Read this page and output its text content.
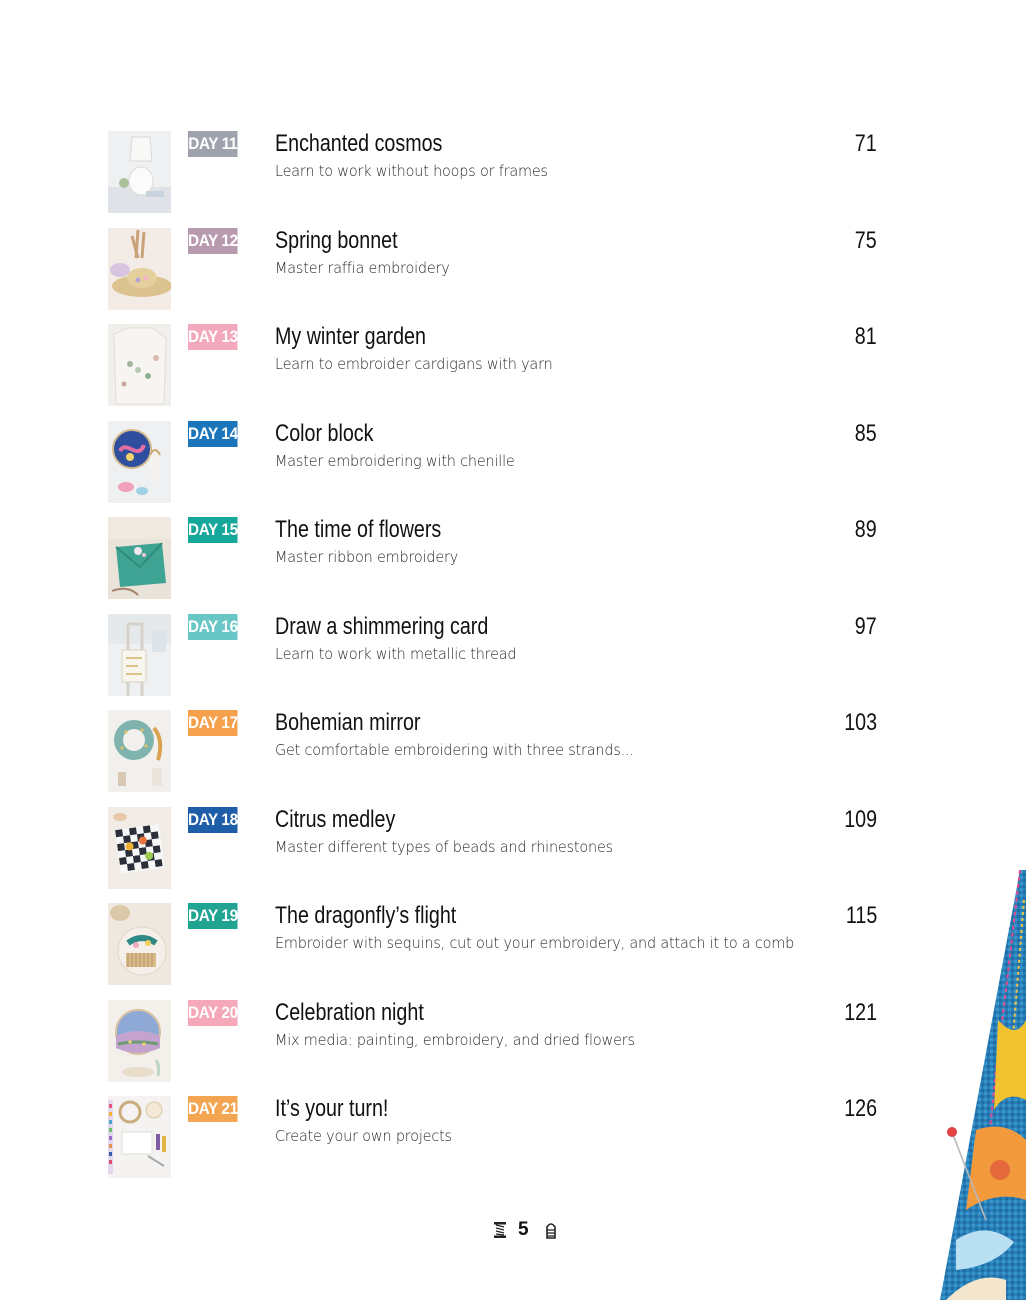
DAY 11 Enchanted cosmos
Learn to work without hoops or frames
71
DAY 12 Spring bonnet
Master raffia embroidery
75
DAY 13 My winter garden
Learn to embroider cardigans with yarn
81
DAY 14 Color block
Master embroidering with chenille
85
DAY 15 The time of flowers
Master ribbon embroidery
89
DAY 16 Draw a shimmering card
Learn to work with metallic thread
97
DAY 17 Bohemian mirror
Get comfortable embroidering with three strands...
103
DAY 18 Citrus medley
Master different types of beads and rhinestones
109
DAY 19 The dragonfly’s flight
Embroider with sequins, cut out your embroidery, and attach it to a comb
115
DAY 20 Celebration night
Mix media: painting, embroidery, and dried flowers
121
DAY 21 It’s your turn!
Create your own projects
126
5
